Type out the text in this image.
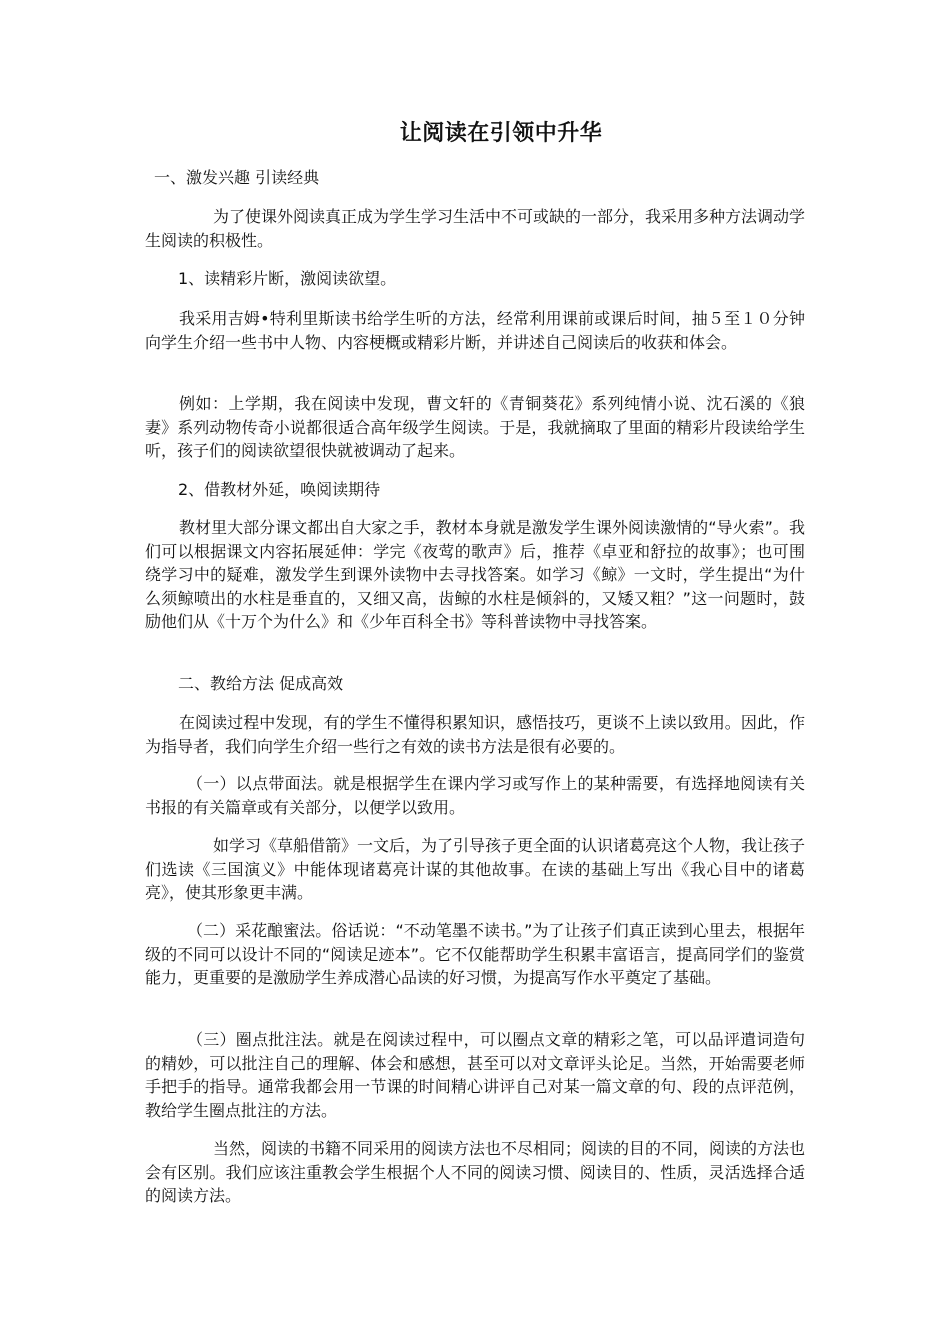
让阅读在引领中升华

一、激发兴趣 引读经典

为了使课外阅读真正成为学生学习生活中不可或缺的一部分，我采用多种方法调动学生阅读的积极性。

1、读精彩片断，激阅读欲望。

我采用吉姆•特利里斯读书给学生听的方法，经常利用课前或课后时间，抽５至１０分钟向学生介绍一些书中人物、内容梗概或精彩片断，并讲述自己阅读后的收获和体会。

例如：上学期，我在阅读中发现，曹文轩的《青铜葵花》系列纯情小说、沈石溪的《狼妻》系列动物传奇小说都很适合高年级学生阅读。于是，我就摘取了里面的精彩片段读给学生听，孩子们的阅读欲望很快就被调动了起来。

2、借教材外延，唤阅读期待

教材里大部分课文都出自大家之手，教材本身就是激发学生课外阅读激情的“导火索”。我们可以根据课文内容拓展延伸：学完《夜莺的歌声》后，推荐《卓亚和舒拉的故事》；也可围绕学习中的疑难，激发学生到课外读物中去寻找答案。如学习《鲸》一文时，学生提出“为什么须鲸喷出的水柱是垂直的，又细又高，齿鲸的水柱是倾斜的，又矮又粗？”这一问题时，鼓励他们从《十万个为什么》和《少年百科全书》等科普读物中寻找答案。

二、教给方法 促成高效

在阅读过程中发现，有的学生不懂得积累知识，感悟技巧，更谈不上读以致用。因此，作为指导者，我们向学生介绍一些行之有效的读书方法是很有必要的。

（一）以点带面法。就是根据学生在课内学习或写作上的某种需要，有选择地阅读有关书报的有关篇章或有关部分，以便学以致用。

如学习《草船借箭》一文后，为了引导孩子更全面的认识诸葛亮这个人物，我让孩子们选读《三国演义》中能体现诸葛亮计谋的其他故事。在读的基础上写出《我心目中的诸葛亮》，使其形象更丰满。

（二）采花酿蜜法。俗话说：“不动笔墨不读书。”为了让孩子们真正读到心里去，根据年级的不同可以设计不同的“阅读足迹本”。它不仅能帮助学生积累丰富语言，提高同学们的鉴赏能力，更重要的是激励学生养成潜心品读的好习惯，为提高写作水平奠定了基础。

（三）圈点批注法。就是在阅读过程中，可以圈点文章的精彩之笔，可以品评遣词造句的精妙，可以批注自己的理解、体会和感想，甚至可以对文章评头论足。当然，开始需要老师手把手的指导。通常我都会用一节课的时间精心讲评自己对某一篇文章的句、段的点评范例，教给学生圈点批注的方法。

当然，阅读的书籍不同采用的阅读方法也不尽相同；阅读的目的不同，阅读的方法也会有区别。我们应该注重教会学生根据个人不同的阅读习惯、阅读目的、性质，灵活选择合适的阅读方法。
